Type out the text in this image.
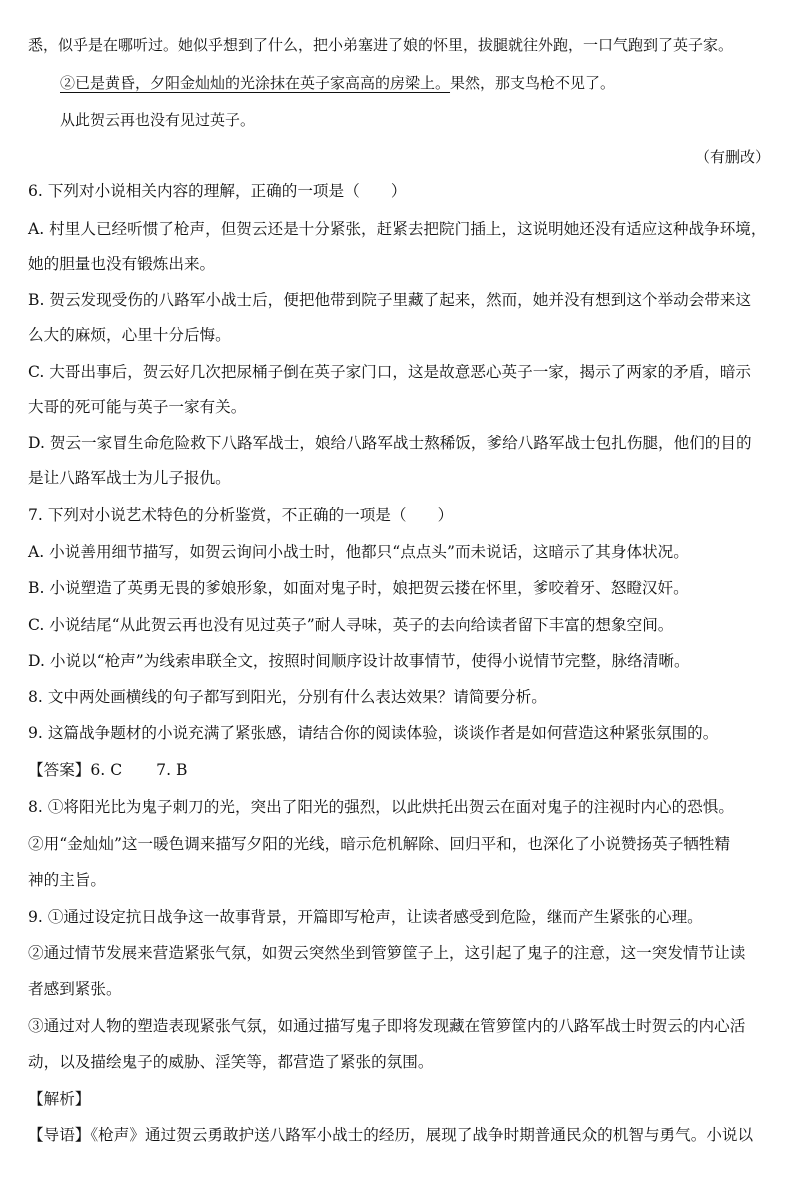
悉，似乎是在哪听过。她似乎想到了什么，把小弟塞进了娘的怀里，拔腿就往外跑，一口气跑到了英子家。
②已是黄昏，夕阳金灿灿的光涂抹在英子家高高的房梁上。果然，那支鸟枪不见了。
从此贺云再也没有见过英子。
（有删改）
6. 下列对小说相关内容的理解，正确的一项是（　　）
A. 村里人已经听惯了枪声，但贺云还是十分紧张，赶紧去把院门插上，这说明她还没有适应这种战争环境，
她的胆量也没有锻炼出来。
B. 贺云发现受伤的八路军小战士后，便把他带到院子里藏了起来，然而，她并没有想到这个举动会带来这
么大的麻烦，心里十分后悔。
C. 大哥出事后，贺云好几次把尿桶子倒在英子家门口，这是故意恶心英子一家，揭示了两家的矛盾，暗示
大哥的死可能与英子一家有关。
D. 贺云一家冒生命危险救下八路军战士，娘给八路军战士熬稀饭，爹给八路军战士包扎伤腿，他们的目的
是让八路军战士为儿子报仇。
7. 下列对小说艺术特色的分析鉴赏，不正确的一项是（　　）
A. 小说善用细节描写，如贺云询问小战士时，他都只“点点头”而未说话，这暗示了其身体状况。
B. 小说塑造了英勇无畏的爹娘形象，如面对鬼子时，娘把贺云搂在怀里，爹咬着牙、怒瞪汉奸。
C. 小说结尾“从此贺云再也没有见过英子”耐人寻味，英子的去向给读者留下丰富的想象空间。
D. 小说以“枪声”为线索串联全文，按照时间顺序设计故事情节，使得小说情节完整，脉络清晰。
8. 文中两处画横线的句子都写到阳光，分别有什么表达效果？请简要分析。
9. 这篇战争题材的小说充满了紧张感，请结合你的阅读体验，谈谈作者是如何营造这种紧张氛围的。
【答案】6. C 7. B
8. ①将阳光比为鬼子刺刀的光，突出了阳光的强烈，以此烘托出贺云在面对鬼子的注视时内心的恐惧。
②用“金灿灿”这一暖色调来描写夕阳的光线，暗示危机解除、回归平和，也深化了小说赞扬英子牺牲精
神的主旨。
9. ①通过设定抗日战争这一故事背景，开篇即写枪声，让读者感受到危险，继而产生紧张的心理。
②通过情节发展来营造紧张气氛，如贺云突然坐到管箩筐子上，这引起了鬼子的注意，这一突发情节让读
者感到紧张。
③通过对人物的塑造表现紧张气氛，如通过描写鬼子即将发现藏在管箩筐内的八路军战士时贺云的内心活
动，以及描绘鬼子的威胁、淫笑等，都营造了紧张的氛围。
【解析】
【导语】《枪声》通过贺云勇敢护送八路军小战士的经历，展现了战争时期普通民众的机智与勇气。小说以
